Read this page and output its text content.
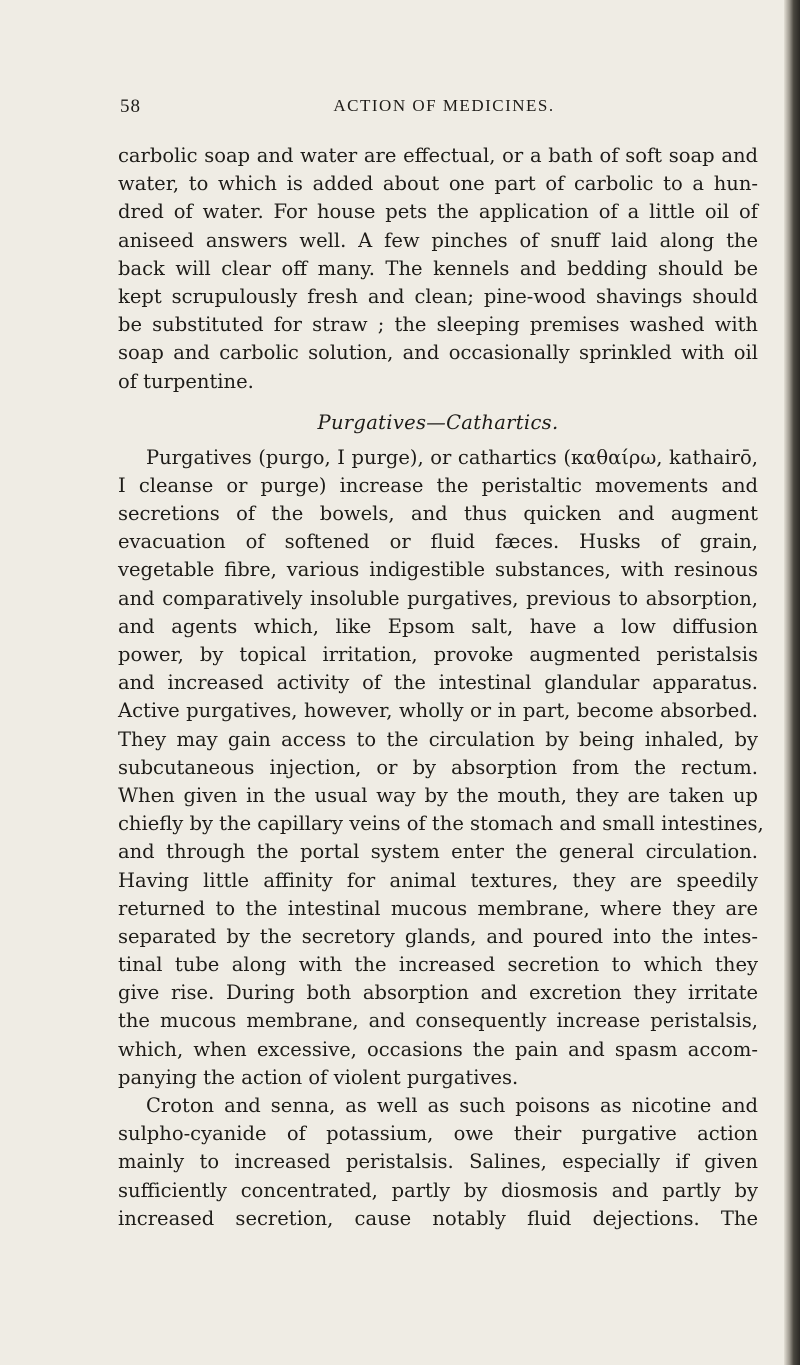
58	ACTION OF MEDICINES.
carbolic soap and water are effectual, or a bath of soft soap and
water, to which is added about one part of carbolic to a hun-
dred of water. For house pets the application of a little oil of
aniseed answers well. A few pinches of snuff laid along the
back will clear off many. The kennels and bedding should be
kept scrupulously fresh and clean; pine-wood shavings should
be substituted for straw ; the sleeping premises washed with
soap and carbolic solution, and occasionally sprinkled with oil
of turpentine.
Purgatives—Cathartics.
Purgatives (purgo, I purge), or cathartics (καθαίρω, kathairō,
I cleanse or purge) increase the peristaltic movements and
secretions of the bowels, and thus quicken and augment
evacuation of softened or fluid fæces. Husks of grain,
vegetable fibre, various indigestible substances, with resinous
and comparatively insoluble purgatives, previous to absorption,
and agents which, like Epsom salt, have a low diffusion
power, by topical irritation, provoke augmented peristalsis
and increased activity of the intestinal glandular apparatus.
Active purgatives, however, wholly or in part, become absorbed.
They may gain access to the circulation by being inhaled, by
subcutaneous injection, or by absorption from the rectum.
When given in the usual way by the mouth, they are taken up
chiefly by the capillary veins of the stomach and small intestines,
and through the portal system enter the general circulation.
Having little affinity for animal textures, they are speedily
returned to the intestinal mucous membrane, where they are
separated by the secretory glands, and poured into the intes-
tinal tube along with the increased secretion to which they
give rise. During both absorption and excretion they irritate
the mucous membrane, and consequently increase peristalsis,
which, when excessive, occasions the pain and spasm accom-
panying the action of violent purgatives.
Croton and senna, as well as such poisons as nicotine and
sulpho-cyanide of potassium, owe their purgative action
mainly to increased peristalsis. Salines, especially if given
sufficiently concentrated, partly by diosmosis and partly by
increased secretion, cause notably fluid dejections. The
